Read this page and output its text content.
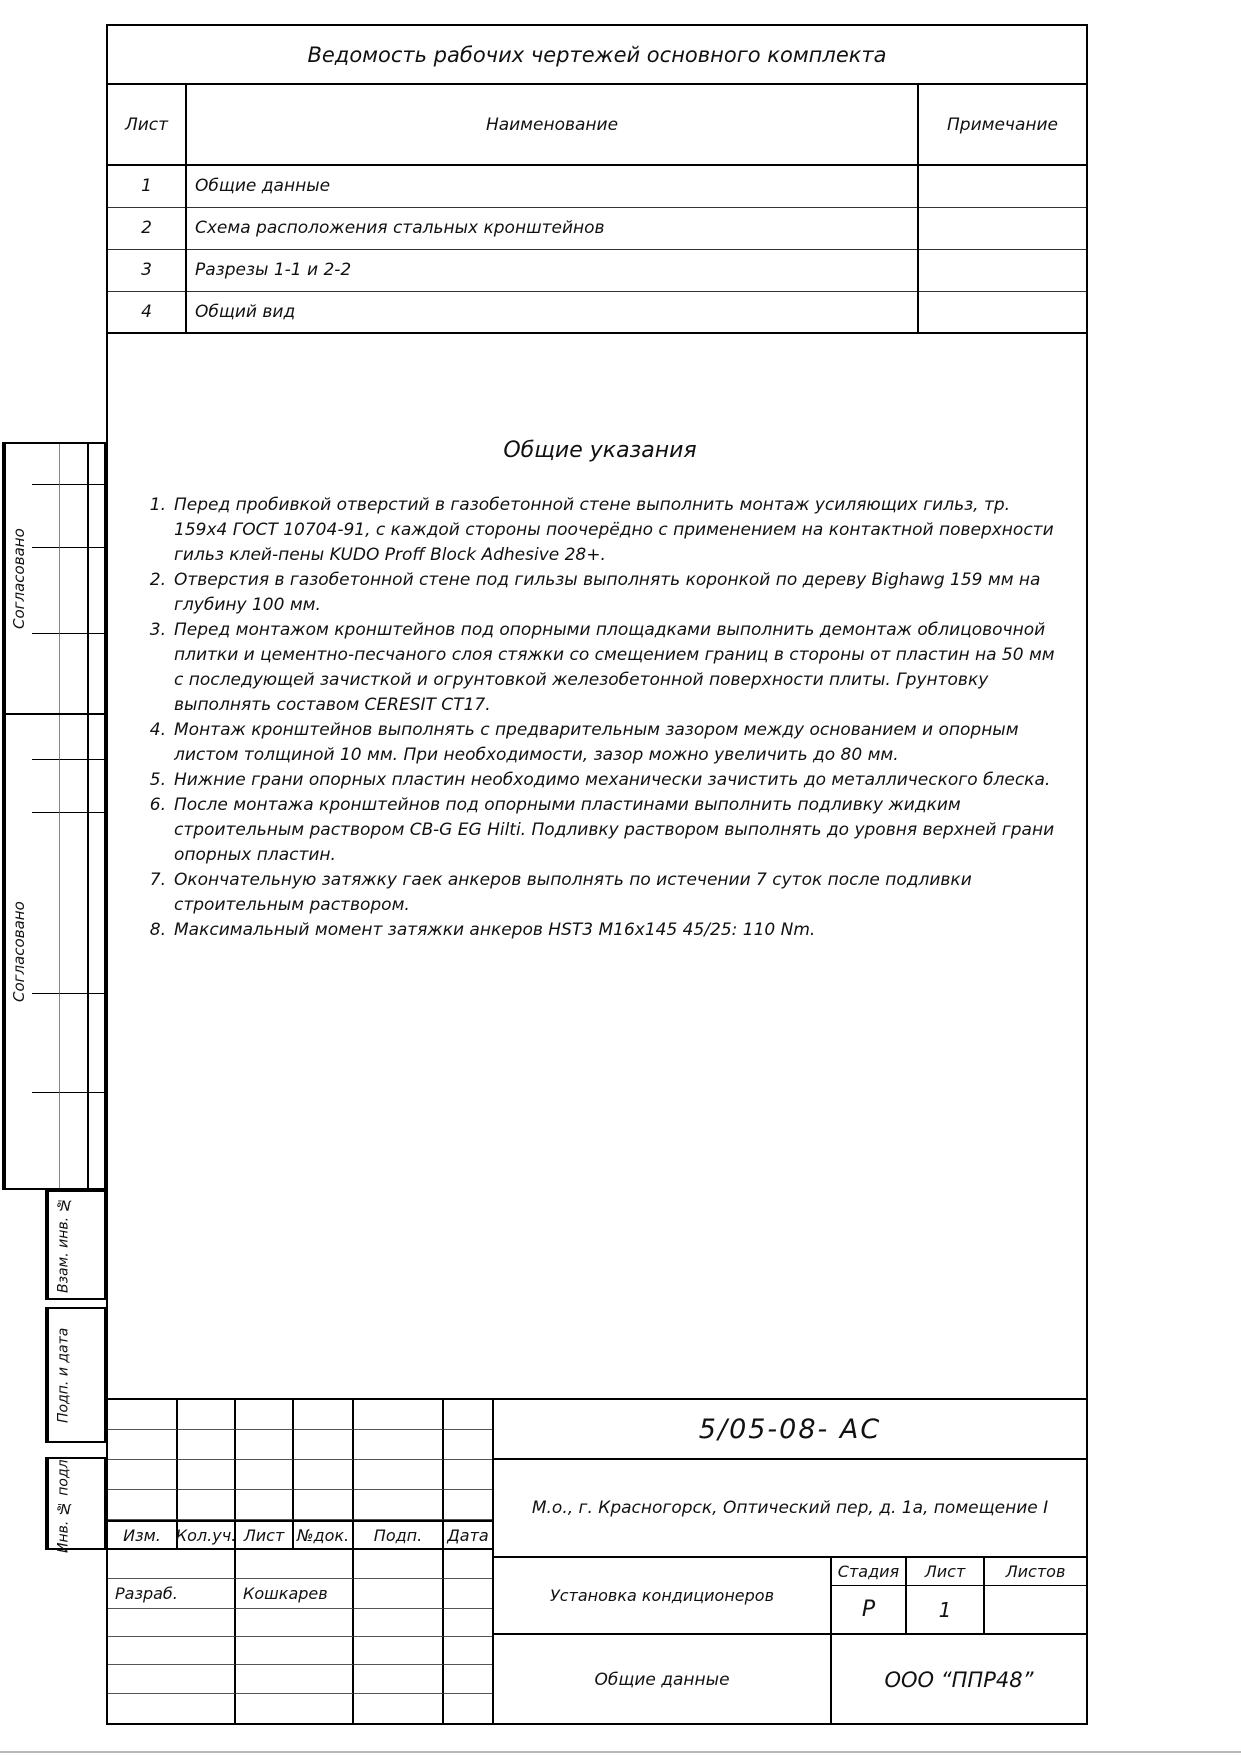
Согласовано
Согласовано
Взам. инв. №
Подп. и дата
Инв. № подл.
Ведомость рабочих чертежей основного комплекта
Лист	Наименование	Примечание
1	Общие данные	
2	Схема расположения стальных кронштейнов	
3	Разрезы 1-1 и 2-2	
4	Общий вид	
Общие указания
1. Перед пробивкой отверстий в газобетонной стене выполнить монтаж усиляющих гильз, тр. 159х4 ГОСТ 10704-91, с каждой стороны поочерёдно с применением на контактной поверхности гильз клей-пены KUDO Proff Block Adhesive 28+.
2. Отверстия в газобетонной стене под гильзы выполнять коронкой по дереву Bighawg 159 мм на глубину 100 мм.
3. Перед монтажом кронштейнов под опорными площадками выполнить демонтаж облицовочной плитки и цементно-песчаного слоя стяжки со смещением границ в стороны от пластин на 50 мм с последующей зачисткой и огрунтовкой железобетонной поверхности плиты. Грунтовку выполнять составом CERESIT СТ17.
4. Монтаж кронштейнов выполнять с предварительным зазором между основанием и опорным листом толщиной 10 мм. При необходимости, зазор можно увеличить до 80 мм.
5. Нижние грани опорных пластин необходимо механически зачистить до металлического блеска.
6. После монтажа кронштейнов под опорными пластинами выполнить подливку жидким строительным раствором CB-G EG Hilti. Подливку раствором выполнять до уровня верхней грани опорных пластин.
7. Окончательную затяжку гаек анкеров выполнять по истечении 7 суток после подливки строительным раствором.
8. Максимальный момент затяжки анкеров HST3 M16x145 45/25: 110 Nm.
Изм. Кол.уч. Лист №док.	Подп.	Дата
Разраб.	Кошкарев
5/05-08- АС
М.о., г. Красногорск, Оптический пер, д. 1а, помещение I
Установка кондиционеров
Стадия	Лист	Листов
Р	1
Общие данные	ООО “ППР48”
